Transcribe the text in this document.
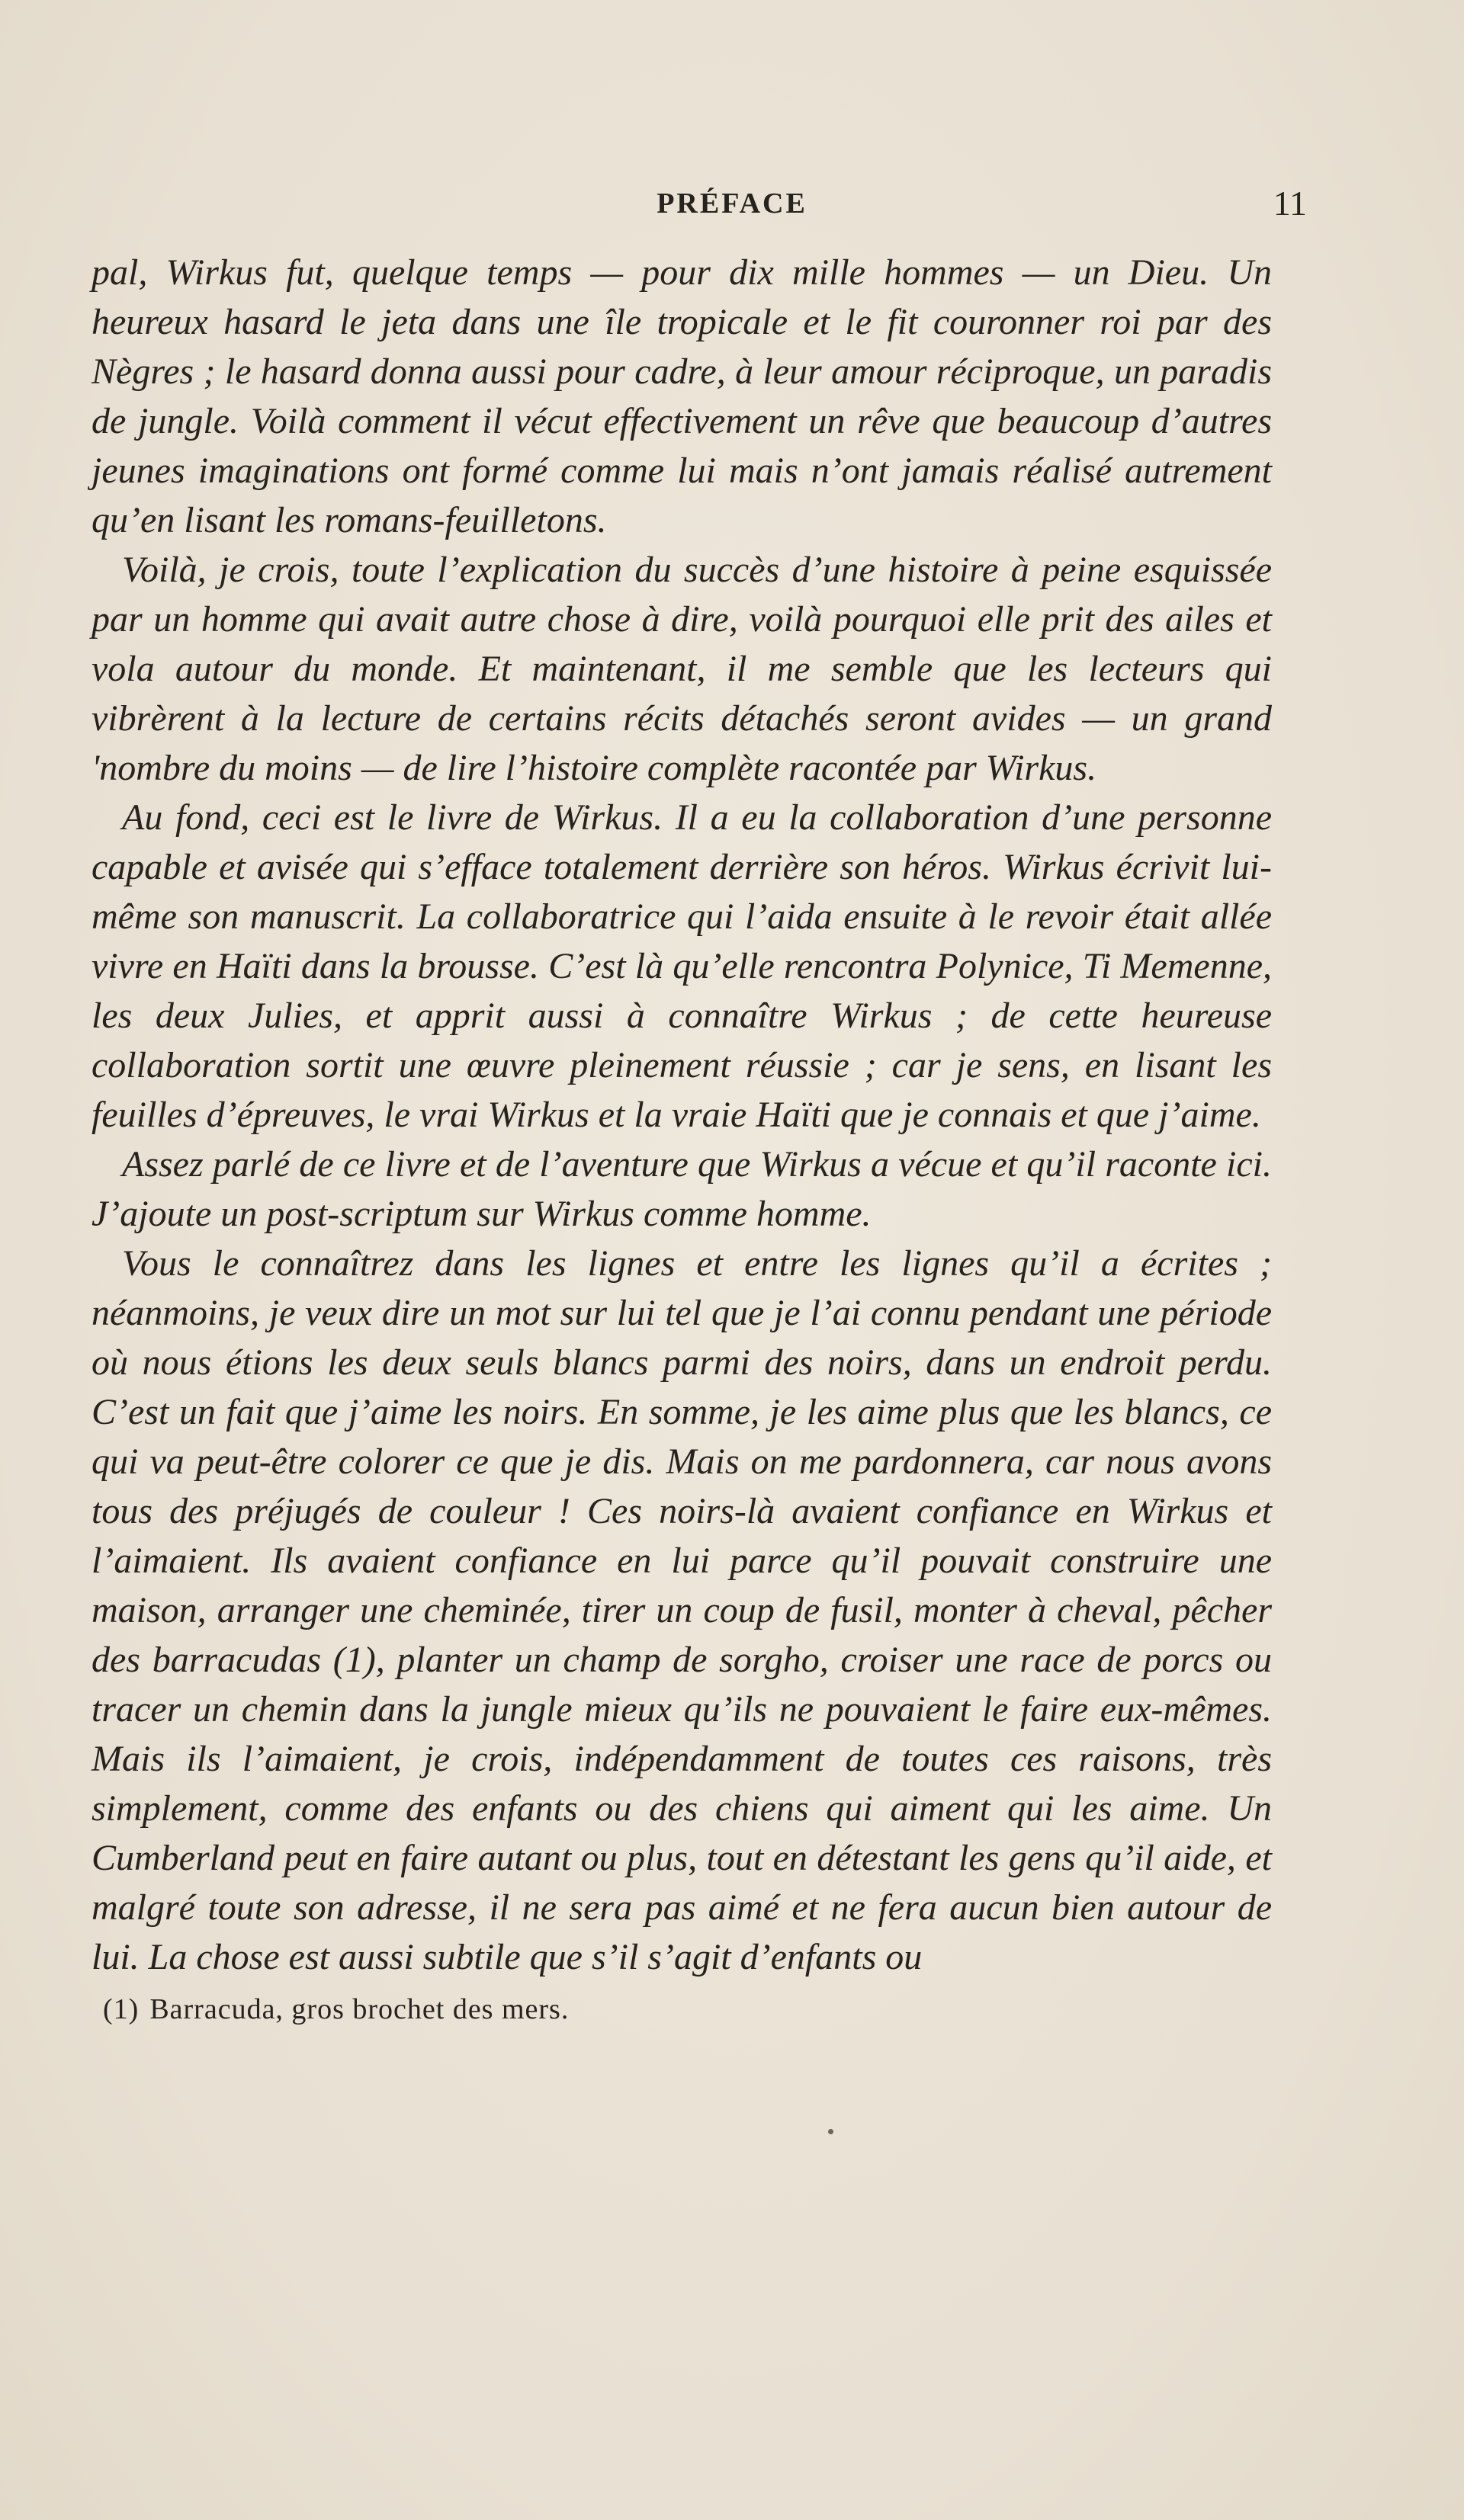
PRÉFACE	11

pal, Wirkus fut, quelque temps — pour dix mille hommes — un Dieu. Un heureux hasard le jeta dans une île tropicale et le fit couronner roi par des Nègres ; le hasard donna aussi pour cadre, à leur amour réciproque, un paradis de jungle. Voilà comment il vécut effectivement un rêve que beaucoup d’autres jeunes imaginations ont formé comme lui mais n’ont jamais réalisé autrement qu’en lisant les romans-feuilletons.

Voilà, je crois, toute l’explication du succès d’une histoire à peine esquissée par un homme qui avait autre chose à dire, voilà pourquoi elle prit des ailes et vola autour du monde. Et maintenant, il me semble que les lecteurs qui vibrèrent à la lecture de certains récits détachés seront avides — un grand 'nombre du moins — de lire l’histoire complète racontée par Wirkus.

Au fond, ceci est le livre de Wirkus. Il a eu la collaboration d’une personne capable et avisée qui s’efface totalement derrière son héros. Wirkus écrivit lui-même son manuscrit. La collaboratrice qui l’aida ensuite à le revoir était allée vivre en Haïti dans la brousse. C’est là qu’elle rencontra Polynice, Ti Memenne, les deux Julies, et apprit aussi à connaître Wirkus ; de cette heureuse collaboration sortit une œuvre pleinement réussie ; car je sens, en lisant les feuilles d’épreuves, le vrai Wirkus et la vraie Haïti que je connais et que j’aime.

Assez parlé de ce livre et de l’aventure que Wirkus a vécue et qu’il raconte ici. J’ajoute un post-scriptum sur Wirkus comme homme.

Vous le connaîtrez dans les lignes et entre les lignes qu’il a écrites ; néanmoins, je veux dire un mot sur lui tel que je l’ai connu pendant une période où nous étions les deux seuls blancs parmi des noirs, dans un endroit perdu. C’est un fait que j’aime les noirs. En somme, je les aime plus que les blancs, ce qui va peut-être colorer ce que je dis. Mais on me pardonnera, car nous avons tous des préjugés de couleur ! Ces noirs-là avaient confiance en Wirkus et l’aimaient. Ils avaient confiance en lui parce qu’il pouvait construire une maison, arranger une cheminée, tirer un coup de fusil, monter à cheval, pêcher des barracudas (1), planter un champ de sorgho, croiser une race de porcs ou tracer un chemin dans la jungle mieux qu’ils ne pouvaient le faire eux-mêmes. Mais ils l’aimaient, je crois, indépendamment de toutes ces raisons, très simplement, comme des enfants ou des chiens qui aiment qui les aime. Un Cumberland peut en faire autant ou plus, tout en détestant les gens qu’il aide, et malgré toute son adresse, il ne sera pas aimé et ne fera aucun bien autour de lui. La chose est aussi subtile que s’il s’agit d’enfants ou

(1) Barracuda, gros brochet des mers.
